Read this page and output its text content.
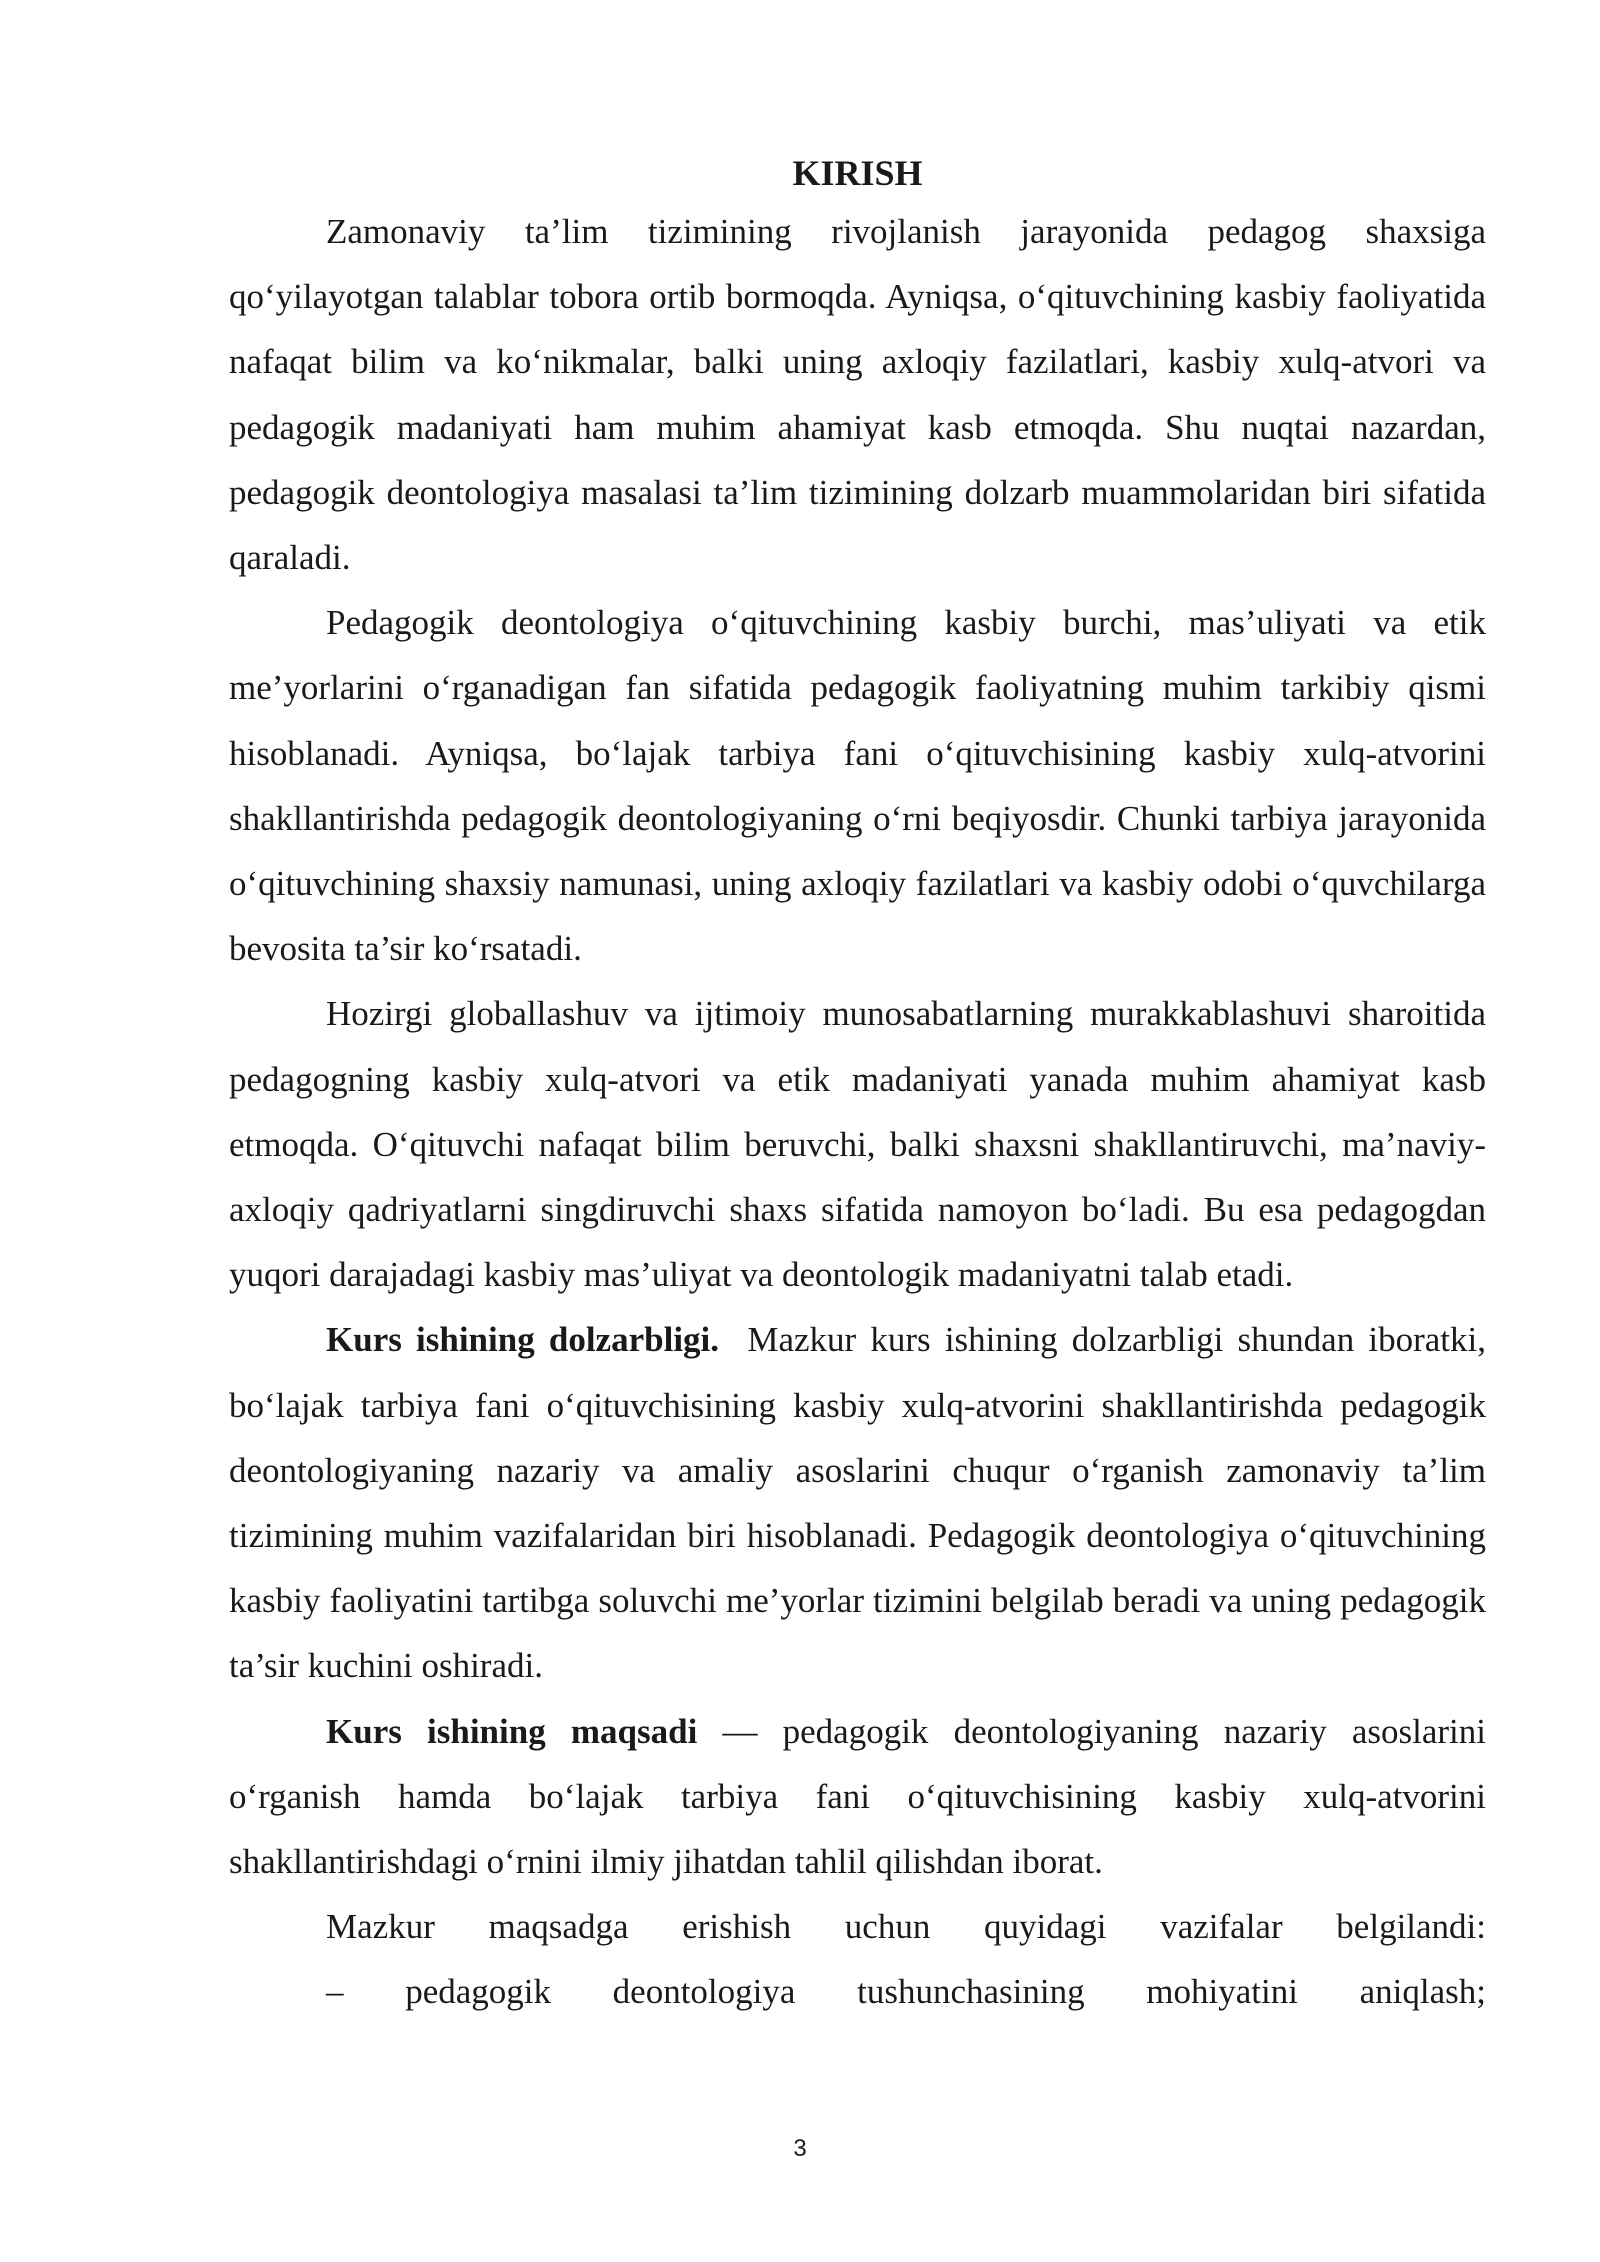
KIRISH

Zamonaviy ta’lim tizimining rivojlanish jarayonida pedagog shaxsiga qo‘yilayotgan talablar tobora ortib bormoqda. Ayniqsa, o‘qituvchining kasbiy faoliyatida nafaqat bilim va ko‘nikmalar, balki uning axloqiy fazilatlari, kasbiy xulq-atvori va pedagogik madaniyati ham muhim ahamiyat kasb etmoqda. Shu nuqtai nazardan, pedagogik deontologiya masalasi ta’lim tizimining dolzarb muammolaridan biri sifatida qaraladi.

Pedagogik deontologiya o‘qituvchining kasbiy burchi, mas’uliyati va etik me’yorlarini o‘rganadigan fan sifatida pedagogik faoliyatning muhim tarkibiy qismi hisoblanadi. Ayniqsa, bo‘lajak tarbiya fani o‘qituvchisining kasbiy xulq-atvorini shakllantirishda pedagogik deontologiyaning o‘rni beqiyosdir. Chunki tarbiya jarayonida o‘qituvchining shaxsiy namunasi, uning axloqiy fazilatlari va kasbiy odobi o‘quvchilarga bevosita ta’sir ko‘rsatadi.

Hozirgi globallashuv va ijtimoiy munosabatlarning murakkablashuvi sharoitida pedagogning kasbiy xulq-atvori va etik madaniyati yanada muhim ahamiyat kasb etmoqda. O‘qituvchi nafaqat bilim beruvchi, balki shaxsni shakllantiruvchi, ma’naviy-axloqiy qadriyatlarni singdiruvchi shaxs sifatida namoyon bo‘ladi. Bu esa pedagogdan yuqori darajadagi kasbiy mas’uliyat va deontologik madaniyatni talab etadi.

Kurs ishining dolzarbligi. Mazkur kurs ishining dolzarbligi shundan iboratki, bo‘lajak tarbiya fani o‘qituvchisining kasbiy xulq-atvorini shakllantirishda pedagogik deontologiyaning nazariy va amaliy asoslarini chuqur o‘rganish zamonaviy ta’lim tizimining muhim vazifalaridan biri hisoblanadi. Pedagogik deontologiya o‘qituvchining kasbiy faoliyatini tartibga soluvchi me’yorlar tizimini belgilab beradi va uning pedagogik ta’sir kuchini oshiradi.

Kurs ishining maqsadi — pedagogik deontologiyaning nazariy asoslarini o‘rganish hamda bo‘lajak tarbiya fani o‘qituvchisining kasbiy xulq-atvorini shakllantirishdagi o‘rnini ilmiy jihatdan tahlil qilishdan iborat.

Mazkur maqsadga erishish uchun quyidagi vazifalar belgilandi:

– pedagogik deontologiya tushunchasining mohiyatini aniqlash;

3
